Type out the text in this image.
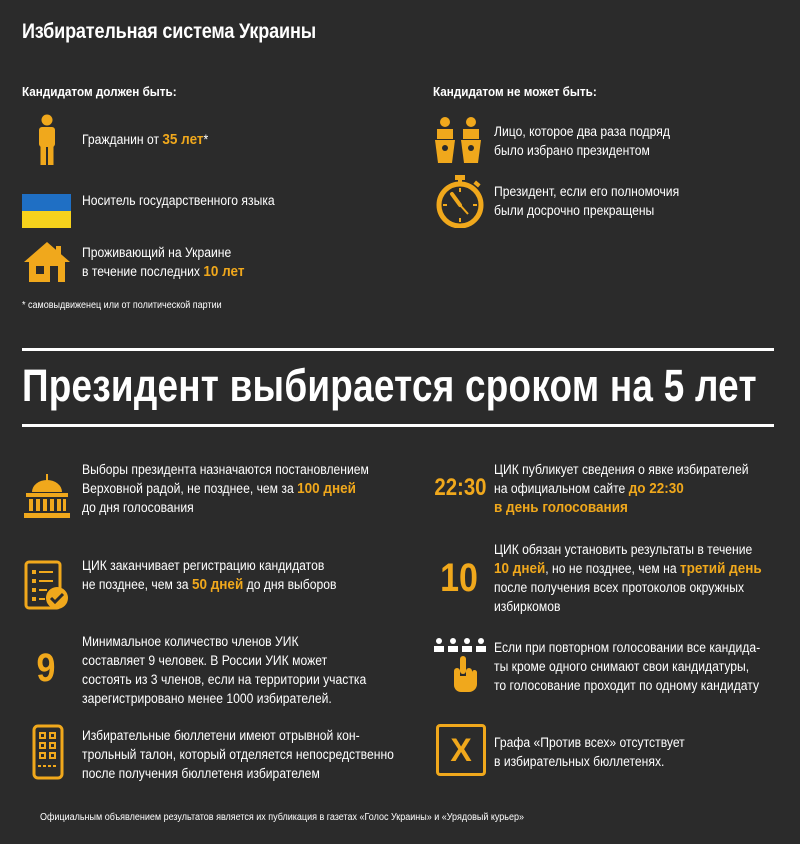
Избирательная система Украины
Кандидатом должен быть:	Кандидатом не может быть:
Гражданин от 35 лет*
Носитель государственного языка
Проживающий на Украине
в течение последних 10 лет
* самовыдвиженец или от политической партии
Лицо, которое два раза подряд
было избрано президентом
Президент, если его полномочия
были досрочно прекращены
Президент выбирается сроком на 5 лет
Выборы президента назначаются постановлением
Верховной радой, не позднее, чем за 100 дней
до дня голосования
ЦИК заканчивает регистрацию кандидатов
не позднее, чем за 50 дней до дня выборов
9
Минимальное количество членов УИК
составляет 9 человек. В России УИК может
состоять из 3 членов, если на территории участка
зарегистрировано менее 1000 избирателей.
Избирательные бюллетени имеют отрывной кон-
трольный талон, который отделяется непосредственно
после получения бюллетеня избирателем
22:30
ЦИК публикует сведения о явке избирателей
на официальном сайте до 22:30
в день голосования
10
ЦИК обязан установить результаты в течение
10 дней, но не позднее, чем на третий день
после получения всех протоколов окружных
избиркомов
Если при повторном голосовании все кандида-
ты кроме одного снимают свои кандидатуры,
то голосование проходит по одному кандидату
X Графа «Против всех» отсутствует
в избирательных бюллетенях.
Официальным объявлением результатов является их публикация в газетах «Голос Украины» и «Урядовый курьер»
